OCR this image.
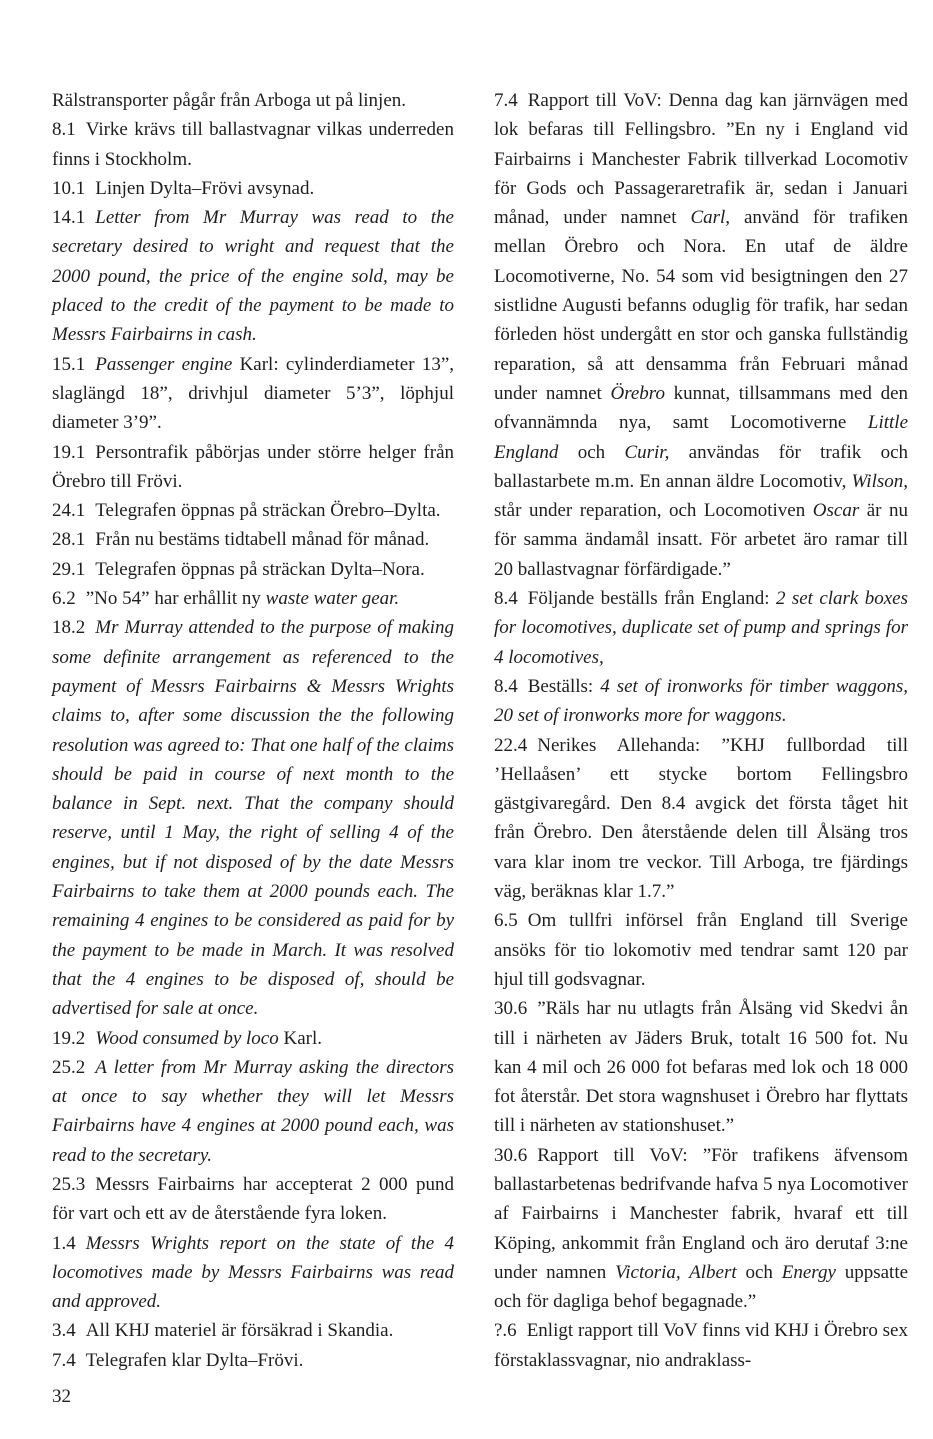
Rälstransporter pågår från Arboga ut på linjen.

8.1 Virke krävs till ballastvagnar vilkas underreden finns i Stockholm.

10.1 Linjen Dylta–Frövi avsynad.

14.1 Letter from Mr Murray was read to the secretary desired to wright and request that the 2000 pound, the price of the engine sold, may be placed to the credit of the payment to be made to Messrs Fairbairns in cash.

15.1 Passenger engine Karl: cylinderdiameter 13”, slaglängd 18”, drivhjul diameter 5’3”, löphjul diameter 3’9”.

19.1 Persontrafik påbörjas under större helger från Örebro till Frövi.

24.1 Telegrafen öppnas på sträckan Örebro–Dylta.

28.1 Från nu bestäms tidtabell månad för månad.

29.1 Telegrafen öppnas på sträckan Dylta–Nora.

6.2 ”No 54” har erhållit ny waste water gear.

18.2 Mr Murray attended to the purpose of making some definite arrangement as referenced to the payment of Messrs Fairbairns & Messrs Wrights claims to, after some discussion the the following resolution was agreed to: That one half of the claims should be paid in course of next month to the balance in Sept. next. That the company should reserve, until 1 May, the right of selling 4 of the engines, but if not disposed of by the date Messrs Fairbairns to take them at 2000 pounds each. The remaining 4 engines to be considered as paid for by the payment to be made in March. It was resolved that the 4 engines to be disposed of, should be advertised for sale at once.

19.2 Wood consumed by loco Karl.

25.2 A letter from Mr Murray asking the directors at once to say whether they will let Messrs Fairbairns have 4 engines at 2000 pound each, was read to the secretary.

25.3 Messrs Fairbairns har accepterat 2 000 pund för vart och ett av de återstående fyra loken.

1.4 Messrs Wrights report on the state of the 4 locomotives made by Messrs Fairbairns was read and approved.

3.4 All KHJ materiel är försäkrad i Skandia.

7.4 Telegrafen klar Dylta–Frövi.

7.4 Rapport till VoV: Denna dag kan järnvägen med lok befaras till Fellingsbro. ”En ny i England vid Fairbairns i Manchester Fabrik tillverkad Locomotiv för Gods och Passageraretrafik är, sedan i Januari månad, under namnet Carl, använd för trafiken mellan Örebro och Nora. En utaf de äldre Locomotiverne, No. 54 som vid besigtningen den 27 sistlidne Augusti befanns oduglig för trafik, har sedan förleden höst undergått en stor och ganska fullständig reparation, så att densamma från Februari månad under namnet Örebro kunnat, tillsammans med den ofvannämnda nya, samt Locomotiverne Little England och Curir, användas för trafik och ballastarbete m.m. En annan äldre Locomotiv, Wilson, står under reparation, och Locomotiven Oscar är nu för samma ändamål insatt. För arbetet äro ramar till 20 ballastvagnar förfärdigade.”

8.4 Följande beställs från England: 2 set clark boxes for locomotives, duplicate set of pump and springs for 4 locomotives,

8.4 Beställs: 4 set of ironworks för timber waggons, 20 set of ironworks more for waggons.

22.4 Nerikes Allehanda: ”KHJ fullbordad till ’Hellaåsen’ ett stycke bortom Fellingsbro gästgivaregård. Den 8.4 avgick det första tåget hit från Örebro. Den återstående delen till Ålsäng tros vara klar inom tre veckor. Till Arboga, tre fjärdings väg, beräknas klar 1.7.”

6.5 Om tullfri införsel från England till Sverige ansöks för tio lokomotiv med tendrar samt 120 par hjul till godsvagnar.

30.6 ”Räls har nu utlagts från Ålsäng vid Skedvi ån till i närheten av Jäders Bruk, totalt 16 500 fot. Nu kan 4 mil och 26 000 fot befaras med lok och 18 000 fot återstår. Det stora wagnshuset i Örebro har flyttats till i närheten av stationshuset.”

30.6 Rapport till VoV: ”För trafikens äfvensom ballastarbetenas bedrifvande hafva 5 nya Locomotiver af Fairbairns i Manchester fabrik, hvaraf ett till Köping, ankommit från England och äro derutaf 3:ne under namnen Victoria, Albert och Energy uppsatte och för dagliga behof begagnade.”

?.6 Enligt rapport till VoV finns vid KHJ i Örebro sex förstaklassvagnar, nio andraklass-

32
